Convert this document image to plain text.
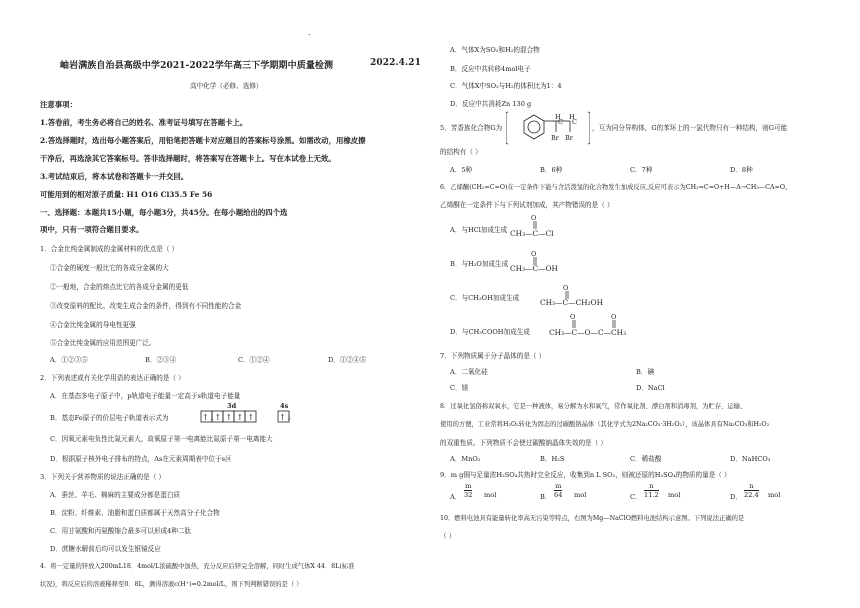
.
岫岩满族自治县高级中学2021-2022学年高三下学期期中质量检测	2022.4.21
高中化学（必修、选修）
注意事项：
1.答卷前，考生务必将自己的姓名、准考证号填写在答题卡上。
2.答选择题时，选出每小题答案后，用铅笔把答题卡对应题目的答案标号涂黑。如需改动，用橡皮擦
干净后，再选涂其它答案标号。答非选择题时，将答案写在答题卡上。写在本试卷上无效。
3.考试结束后，将本试卷和答题卡一并交回。
可能用到的相对原子质量: H1 O16 Cl35.5 Fe 56
一、选择题：本题共15小题，每小题3分，共45分。在每小题给出的四个选
项中，只有一项符合题目要求。
1．合金比纯金属制成的金属材料的优点是（ ）
①合金的硬度一般比它的各成分金属的大
②一般地，合金的熔点比它的各成分金属的更低
③改变原料的配比、改变生成合金的条件，得到有不同性能的合金
④合金比纯金属的导电性更强
⑤合金比纯金属的应用范围更广泛。
A．①②③⑤	B．②③④	C．①②④	D．①②④⑤
2．下列表述或有关化学用语的表达正确的是（ ）
A．在基态多电子原子中，p轨道电子能量一定高于s轨道电子能量
B．基态Fe原子的价层电子轨道表示式为
3d	4s
↑↓ ↑ ↑ ↑ ↑	↑↓
C．因氧元素电负性比氮元素大，故氧原子第一电离能比氮原子第一电离能大
D．根据原子核外电子排布的特点，As在元素周期表中位于s区
3．下列关于营养物质的说法正确的是（ ）
A．蚕丝、羊毛、棉麻的主要成分都是蛋白质
B．淀粉、纤维素、油脂和蛋白质都属于天然高分子化合物
C．用甘氨酸和丙氨酸缩合最多可以形成4种二肽
D．蔗糖水解前后均可以发生银镜反应
4．将一定量的锌放入200mL18．4mol/L浓硫酸中加热，充分反应后锌完全溶解，同时生成气体X 44．8L(标准
状况)，将反应后的溶液稀释至0．8L，测得溶液c(H⁺)=0.2mol/L，则下列判断错误的是（ ）
A．气体X为SO₂和H₂的混合物
B．反应中共转移4mol电子
C．气体X中SO₂与H₂的体积比为1：4
D．反应中共消耗Zn 130 g
5．芳香族化合物G为
H H
C C
Br Br
，互为同分异构体，G的苯环上的一氯代物只有一种结构，则G可能
的结构有（ ）
A．5种	B．6种	C．7种	D．8种
6．乙烯酮(CH₂=C=O)在一定条件下能与含活泼氢的化合物发生加成反应,反应可表示为CH₂=C=O+H—A→CH₃—CA=O。
乙烯酮在一定条件下与下列试剂加成，其产物错误的是（ ）
A．与HCl加成生成
O
CH₃—C—Cl
B．与H₂O加成生成
O
CH₃—C—OH
C．与CH₃OH加成生成
O
CH₃—C—CH₂OH
D．与CH₃COOH加成生成
O	O
CH₃—C—O—C—CH₃
7．下列物质属于分子晶体的是（ ）
A．二氧化硅	B．碘
C．镁	D．NaCl
8．过氧化氢俗称双氧水，它是一种液体，易分解为水和氧气，常作氧化剂、漂白剂和消毒剂，为贮存、运输、
使用的方便，工业常将H₂O₂转化为固态的过碳酸钠晶体（其化学式为2Na₂CO₃·3H₂O₂），该晶体具有Na₂CO₃和H₂O₂
的双重性质。下列物质不会使过碳酸钠晶体失效的是（ ）
A．MnO₂	B．H₂S	C．稀盐酸	D．NaHCO₃
9．m g铜与足量浓H₂SO₄共热时完全反应，收集到n L SO₂，则被还原的H₂SO₄的物质的量是（ ）
A． $\frac{m}{32}$ mol	B． $\frac{m}{64}$ mol	C． $\frac{n}{11.2}$ mol	D． $\frac{n}{22.4}$ mol
10．燃料电池具有能量转化率高无污染等特点，右图为Mg—NaClO燃料电池结构示意图。下列说法正确的是
（ ）
